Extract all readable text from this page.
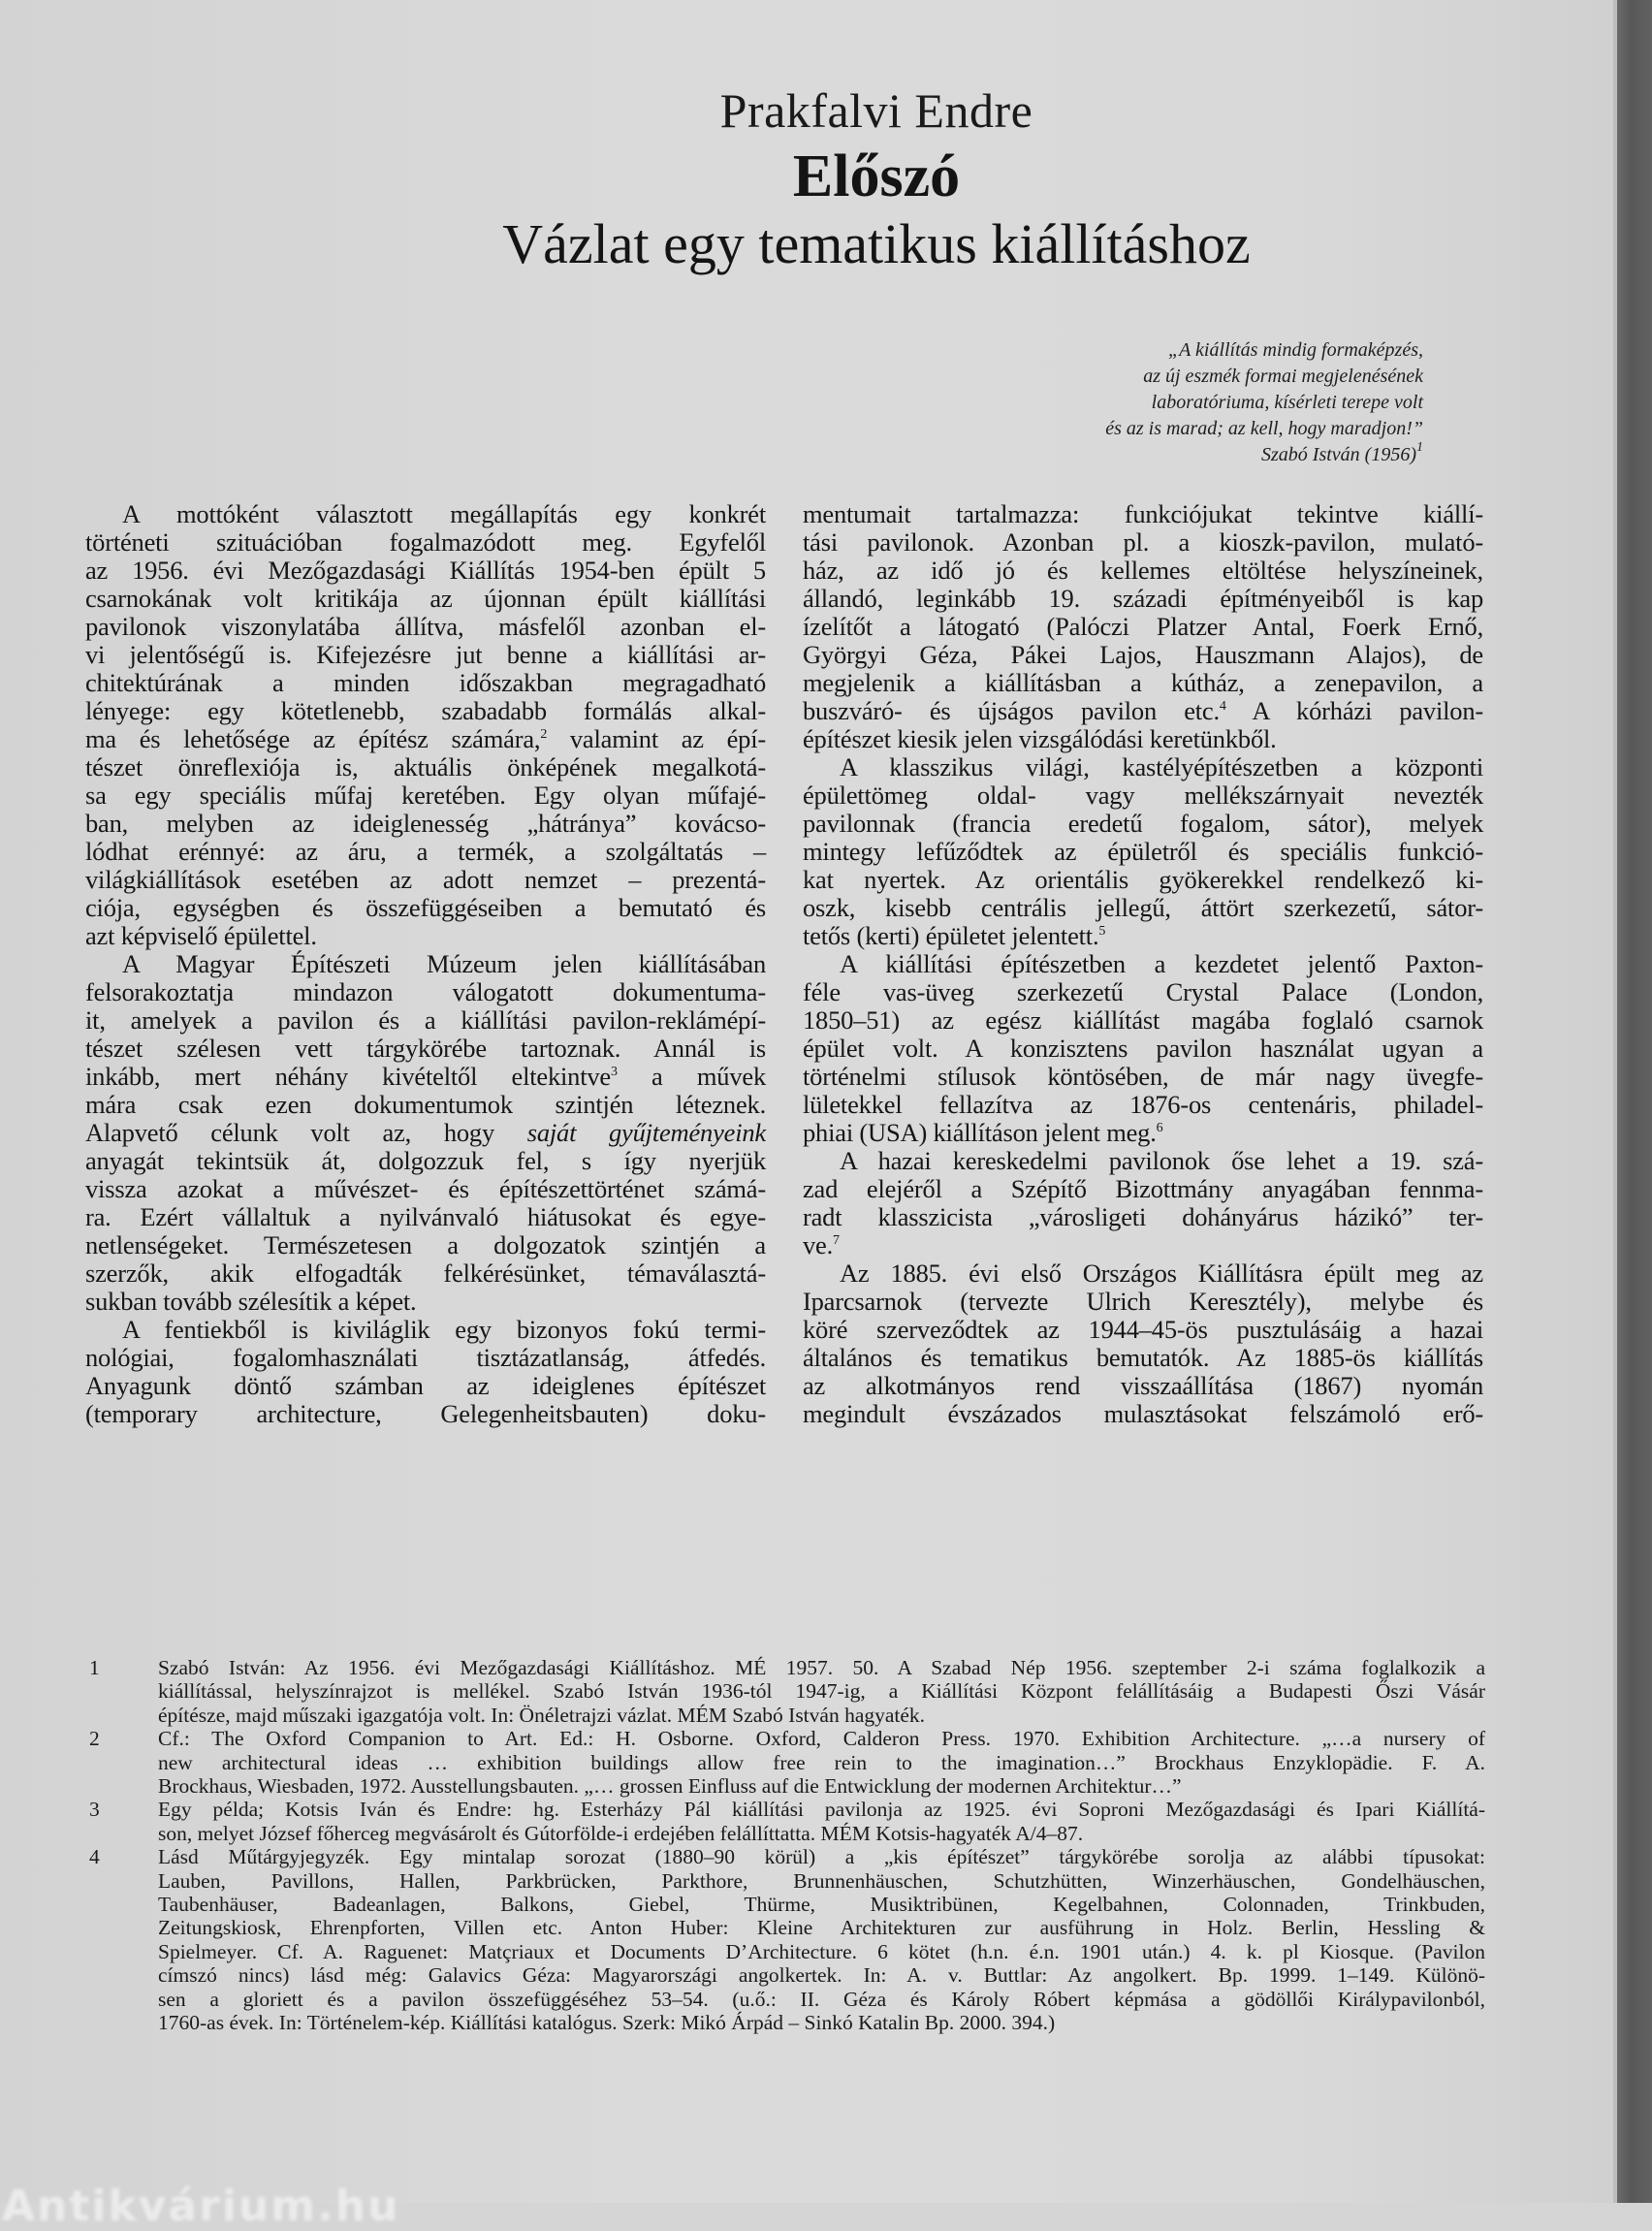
Prakfalvi Endre
Előszó
Vázlat egy tematikus kiállításhoz
„A kiállítás mindig formaképzés,
az új eszmék formai megjelenésének
laboratóriuma, kísérleti terepe volt
és az is marad; az kell, hogy maradjon!”
Szabó István $(1956)^1$
A mottóként választott megállapítás egy konkrét
történeti szituációban fogalmazódott meg. Egyfelől
az 1956. évi Mezőgazdasági Kiállítás 1954-ben épült 5
csarnokának volt kritikája az újonnan épült kiállítási
pavilonok viszonylatába állítva, másfelől azonban el-
vi jelentőségű is. Kifejezésre jut benne a kiállítási ar-
chitektúrának a minden időszakban megragadható
lényege: egy kötetlenebb, szabadabb formálás alkal-
ma és lehetősége az építész számára,$^2$ valamint az épí-
tészet önreflexiója is, aktuális önképének megalkotá-
sa egy speciális műfaj keretében. Egy olyan műfajé-
ban, melyben az ideiglenesség „hátránya” kovácso-
lódhat erénnyé: az áru, a termék, a szolgáltatás –
világkiállítások esetében az adott nemzet – prezentá-
ciója, egységben és összefüggéseiben a bemutató és
azt képviselő épülettel.
A Magyar Építészeti Múzeum jelen kiállításában
felsorakoztatja mindazon válogatott dokumentuma-
it, amelyek a pavilon és a kiállítási pavilon-reklámépí-
tészet szélesen vett tárgykörébe tartoznak. Annál is
inkább, mert néhány kivételtől eltekintve$^3$ a művek
mára csak ezen dokumentumok szintjén léteznek.
Alapvető célunk volt az, hogy saját gyűjteményeink
anyagát tekintsük át, dolgozzuk fel, s így nyerjük
vissza azokat a művészet- és építészettörténet számá-
ra. Ezért vállaltuk a nyilvánvaló hiátusokat és egye-
netlenségeket. Természetesen a dolgozatok szintjén a
szerzők, akik elfogadták felkérésünket, témaválasztá-
sukban tovább szélesítik a képet.
A fentiekből is kiviláglik egy bizonyos fokú termi-
nológiai, fogalomhasználati tisztázatlanság, átfedés.
Anyagunk döntő számban az ideiglenes építészet
(temporary architecture, Gelegenheitsbauten) doku-
mentumait tartalmazza: funkciójukat tekintve kiállí-
tási pavilonok. Azonban pl. a kioszk-pavilon, mulató-
ház, az idő jó és kellemes eltöltése helyszíneinek,
állandó, leginkább 19. századi építményeiből is kap
ízelítőt a látogató (Palóczi Platzer Antal, Foerk Ernő,
Györgyi Géza, Pákei Lajos, Hauszmann Alajos), de
megjelenik a kiállításban a kútház, a zenepavilon, a
buszváró- és újságos pavilon etc.$^4$ A kórházi pavilon-
építészet kiesik jelen vizsgálódási keretünkből.
A klasszikus világi, kastélyépítészetben a központi
épülettömeg oldal- vagy mellékszárnyait nevezték
pavilonnak (francia eredetű fogalom, sátor), melyek
mintegy lefűződtek az épületről és speciális funkció-
kat nyertek. Az orientális gyökerekkel rendelkező ki-
oszk, kisebb centrális jellegű, áttört szerkezetű, sátor-
tetős (kerti) épületet jelentett.$^5$
A kiállítási építészetben a kezdetet jelentő Paxton-
féle vas-üveg szerkezetű Crystal Palace (London,
1850–51) az egész kiállítást magába foglaló csarnok
épület volt. A konzisztens pavilon használat ugyan a
történelmi stílusok köntösében, de már nagy üvegfe-
lületekkel fellazítva az 1876-os centenáris, philadel-
phiai (USA) kiállításon jelent meg.$^6$
A hazai kereskedelmi pavilonok őse lehet a 19. szá-
zad elejéről a Szépítő Bizottmány anyagában fennma-
radt klasszicista „városligeti dohányárus házikó” ter-
ve.$^7$
Az 1885. évi első Országos Kiállításra épült meg az
Iparcsarnok (tervezte Ulrich Keresztély), melybe és
köré szerveződtek az 1944–45-ös pusztulásáig a hazai
általános és tematikus bemutatók. Az 1885-ös kiállítás
az alkotmányos rend visszaállítása (1867) nyomán
megindult évszázados mulasztásokat felszámoló erő-
1	Szabó István: Az 1956. évi Mezőgazdasági Kiállításhoz. MÉ 1957. 50. A Szabad Nép 1956. szeptember 2-i száma foglalkozik a
kiállítással, helyszínrajzot is mellékel. Szabó István 1936-tól 1947-ig, a Kiállítási Központ felállításáig a Budapesti Őszi Vásár
építésze, majd műszaki igazgatója volt. In: Önéletrajzi vázlat. MÉM Szabó István hagyaték.
2	Cf.: The Oxford Companion to Art. Ed.: H. Osborne. Oxford, Calderon Press. 1970. Exhibition Architecture. „…a nursery of
new architectural ideas … exhibition buildings allow free rein to the imagination…” Brockhaus Enzyklopädie. F. A.
Brockhaus, Wiesbaden, 1972. Ausstellungsbauten. „… grossen Einfluss auf die Entwicklung der modernen Architektur…”
3	Egy példa; Kotsis Iván és Endre: hg. Esterházy Pál kiállítási pavilonja az 1925. évi Soproni Mezőgazdasági és Ipari Kiállítá-
son, melyet József főherceg megvásárolt és Gútorfölde-i erdejében felállíttatta. MÉM Kotsis-hagyaték A/4–87.
4	Lásd Műtárgyjegyzék. Egy mintalap sorozat (1880–90 körül) a „kis építészet” tárgykörébe sorolja az alábbi típusokat:
Lauben, Pavillons, Hallen, Parkbrücken, Parkthore, Brunnenhäuschen, Schutzhütten, Winzerhäuschen, Gondelhäuschen,
Taubenhäuser, Badeanlagen, Balkons, Giebel, Thürme, Musiktribünen, Kegelbahnen, Colonnaden, Trinkbuden,
Zeitungskiosk, Ehrenpforten, Villen etc. Anton Huber: Kleine Architekturen zur ausführung in Holz. Berlin, Hessling &
Spielmeyer. Cf. A. Raguenet: Matçriaux et Documents D’Architecture. 6 kötet (h.n. é.n. 1901 után.) 4. k. pl Kiosque. (Pavilon
címszó nincs) lásd még: Galavics Géza: Magyarországi angolkertek. In: A. v. Buttlar: Az angolkert. Bp. 1999. 1–149. Különö-
sen a gloriett és a pavilon összefüggéséhez 53–54. (u.ő.: II. Géza és Károly Róbert képmása a gödöllői Királypavilonból,
1760-as évek. In: Történelem-kép. Kiállítási katalógus. Szerk: Mikó Árpád – Sinkó Katalin Bp. 2000. 394.)
Antikvárium.hu
